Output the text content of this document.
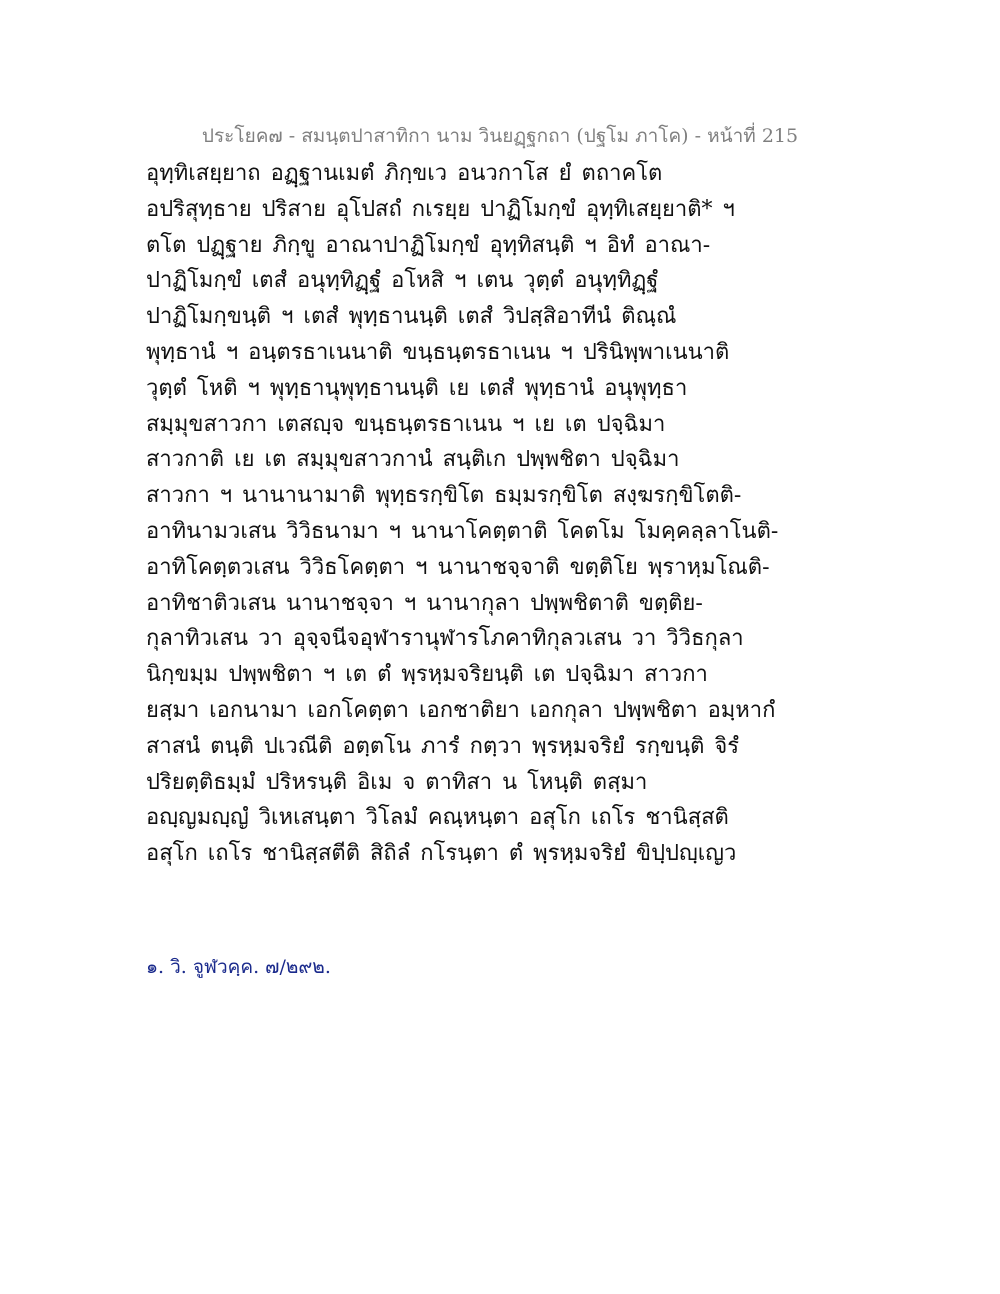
ประโยค๗ - สมนฺตปาสาทิกา นาม วินยฏฺฐกถา (ปฐโม ภาโค) - หน้าที่ 215
อุทฺทิเสยฺยาถ อฏฺฐานเมตํ ภิกฺขเว อนวกาโส ยํ ตถาคโต
อปริสุทฺธาย ปริสาย อุโปสถํ กเรยฺย ปาฏิโมกฺขํ อุทฺทิเสยฺยาติ* ฯ
ตโต ปฏฺฐาย ภิกฺขู อาณาปาฏิโมกฺขํ อุทฺทิสนฺติ ฯ อิทํ อาณา-
ปาฏิโมกฺขํ เตสํ อนุทฺทิฏฺฐํ อโหสิ ฯ เตน วุตฺตํ อนุทฺทิฏฺฐํ
ปาฏิโมกฺขนฺติ ฯ เตสํ พุทฺธานนฺติ เตสํ วิปสฺสิอาทีนํ ติณฺณํ
พุทฺธานํ ฯ อนฺตรธาเนนาติ ขนฺธนฺตรธาเนน ฯ ปรินิพฺพาเนนาติ
วุตฺตํ โหติ ฯ พุทฺธานุพุทฺธานนฺติ เย เตสํ พุทฺธานํ อนุพุทฺธา
สมฺมุขสาวกา เตสญฺจ ขนฺธนฺตรธาเนน ฯ เย เต ปจฺฉิมา
สาวกาติ เย เต สมฺมุขสาวกานํ สนฺติเก ปพฺพชิตา ปจฺฉิมา
สาวกา ฯ นานานามาติ พุทฺธรกฺขิโต ธมฺมรกฺขิโต สงฺฆรกฺขิโตติ-
อาทินามวเสน วิวิธนามา ฯ นานาโคตฺตาติ โคตโม โมคฺคลฺลาโนติ-
อาทิโคตฺตวเสน วิวิธโคตฺตา ฯ นานาชจฺจาติ ขตฺติโย พฺราหฺมโณติ-
อาทิชาติวเสน นานาชจฺจา ฯ นานากุลา ปพฺพชิตาติ ขตฺติย-
กุลาทิวเสน วา อุจฺจนีจอุฬารานุฬารโภคาทิกุลวเสน วา วิวิธกุลา
นิกฺขมฺม ปพฺพชิตา ฯ เต ตํ พฺรหฺมจริยนฺติ เต ปจฺฉิมา สาวกา
ยสฺมา เอกนามา เอกโคตฺตา เอกชาติยา เอกกุลา ปพฺพชิตา อมฺหากํ
สาสนํ ตนฺติ ปเวณีติ อตฺตโน ภารํ กตฺวา พฺรหฺมจริยํ รกฺขนฺติ จิรํ
ปริยตฺติธมฺมํ ปริหรนฺติ อิเม จ ตาทิสา น โหนฺติ ตสฺมา
อญฺญมญฺญํ วิเหเสนฺตา วิโลมํ คณฺหนฺตา อสุโก เถโร ชานิสฺสติ
อสุโก เถโร ชานิสฺสตีติ สิถิลํ กโรนฺตา ตํ พฺรหฺมจริยํ ขิปฺปญฺเญว
๑. วิ. จูฬวคฺค. ๗/๒๙๒.
